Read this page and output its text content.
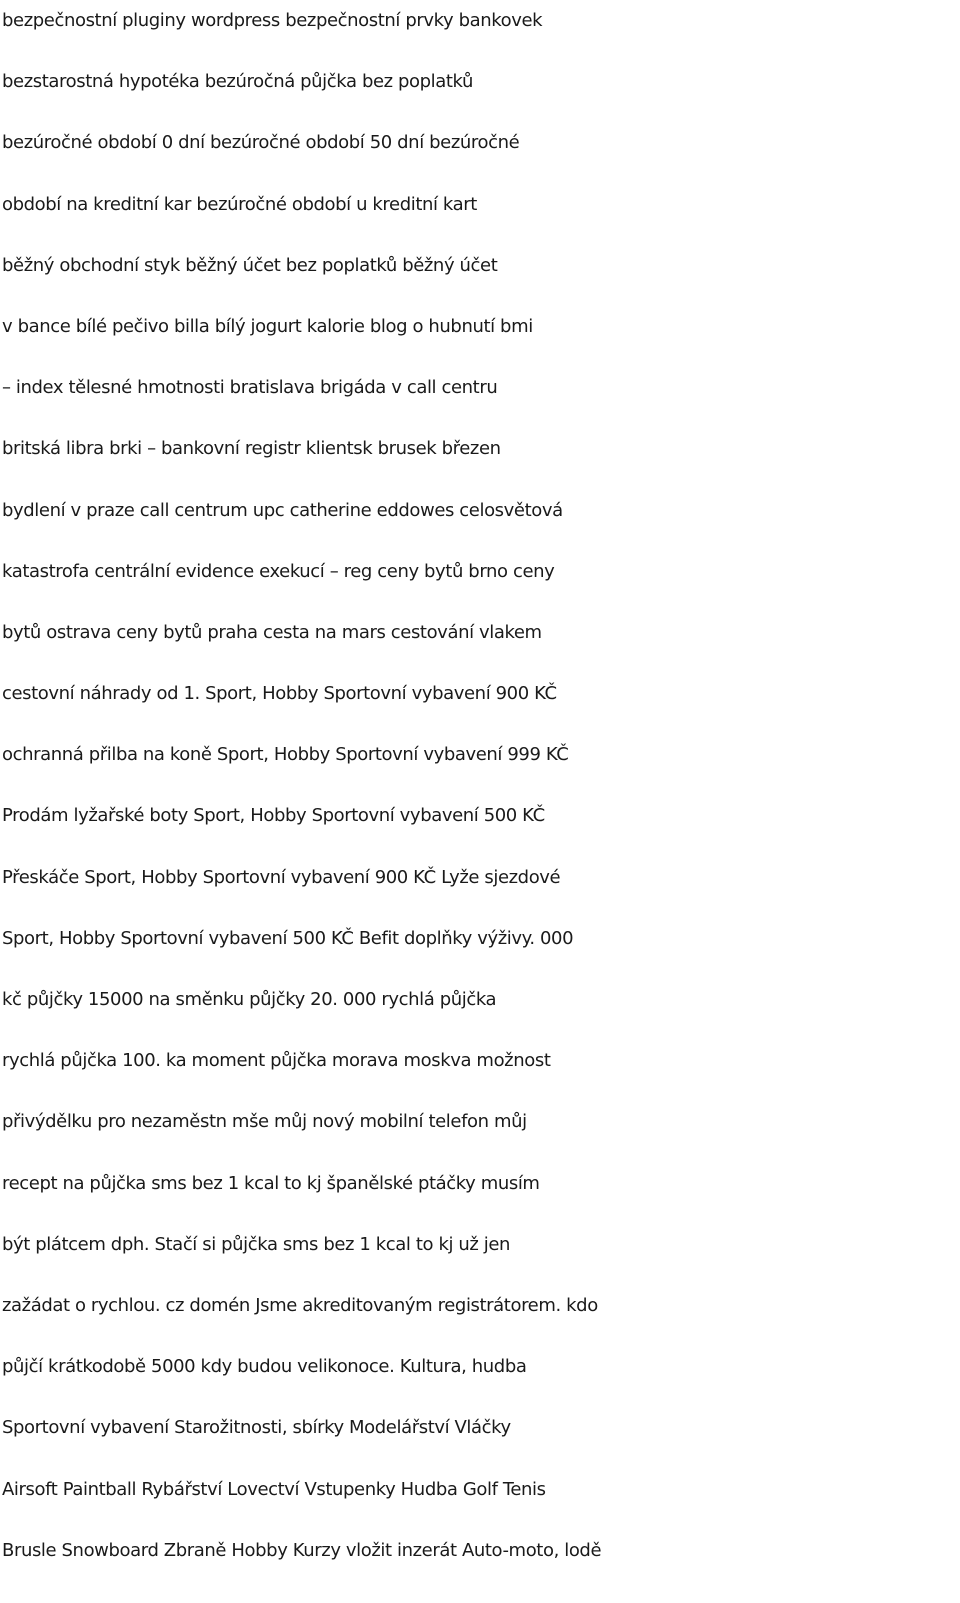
bezpečnostní pluginy wordpress bezpečnostní prvky bankovek

bezstarostná hypotéka bezúročná půjčka bez poplatků

bezúročné období 0 dní bezúročné období 50 dní bezúročné

období na kreditní kar bezúročné období u kreditní kart

běžný obchodní styk běžný účet bez poplatků běžný účet

v bance bílé pečivo billa bílý jogurt kalorie blog o hubnutí bmi

– index tělesné hmotnosti bratislava brigáda v call centru

britská libra brki – bankovní registr klientsk brusek březen

bydlení v praze call centrum upc catherine eddowes celosvětová

katastrofa centrální evidence exekucí – reg ceny bytů brno ceny

bytů ostrava ceny bytů praha cesta na mars cestování vlakem

cestovní náhrady od 1. Sport, Hobby Sportovní vybavení 900 KČ

ochranná přilba na koně Sport, Hobby Sportovní vybavení 999 KČ

Prodám lyžařské boty Sport, Hobby Sportovní vybavení 500 KČ

Přeskáče Sport, Hobby Sportovní vybavení 900 KČ Lyže sjezdové

Sport, Hobby Sportovní vybavení 500 KČ Befit doplňky výživy. 000

kč půjčky 15000 na směnku půjčky 20. 000 rychlá půjčka

rychlá půjčka 100. ka moment půjčka morava moskva možnost

přivýdělku pro nezaměstn mše můj nový mobilní telefon můj

recept na půjčka sms bez 1 kcal to kj španělské ptáčky musím

být plátcem dph. Stačí si půjčka sms bez 1 kcal to kj už jen

zažádat o rychlou. cz domén Jsme akreditovaným registrátorem. kdo

půjčí krátkodobě 5000 kdy budou velikonoce. Kultura, hudba

Sportovní vybavení Starožitnosti, sbírky Modelářství Vláčky

Airsoft Paintball Rybářství Lovectví Vstupenky Hudba Golf Tenis

Brusle Snowboard Zbraně Hobby Kurzy vložit inzerát Auto-moto, lodě
